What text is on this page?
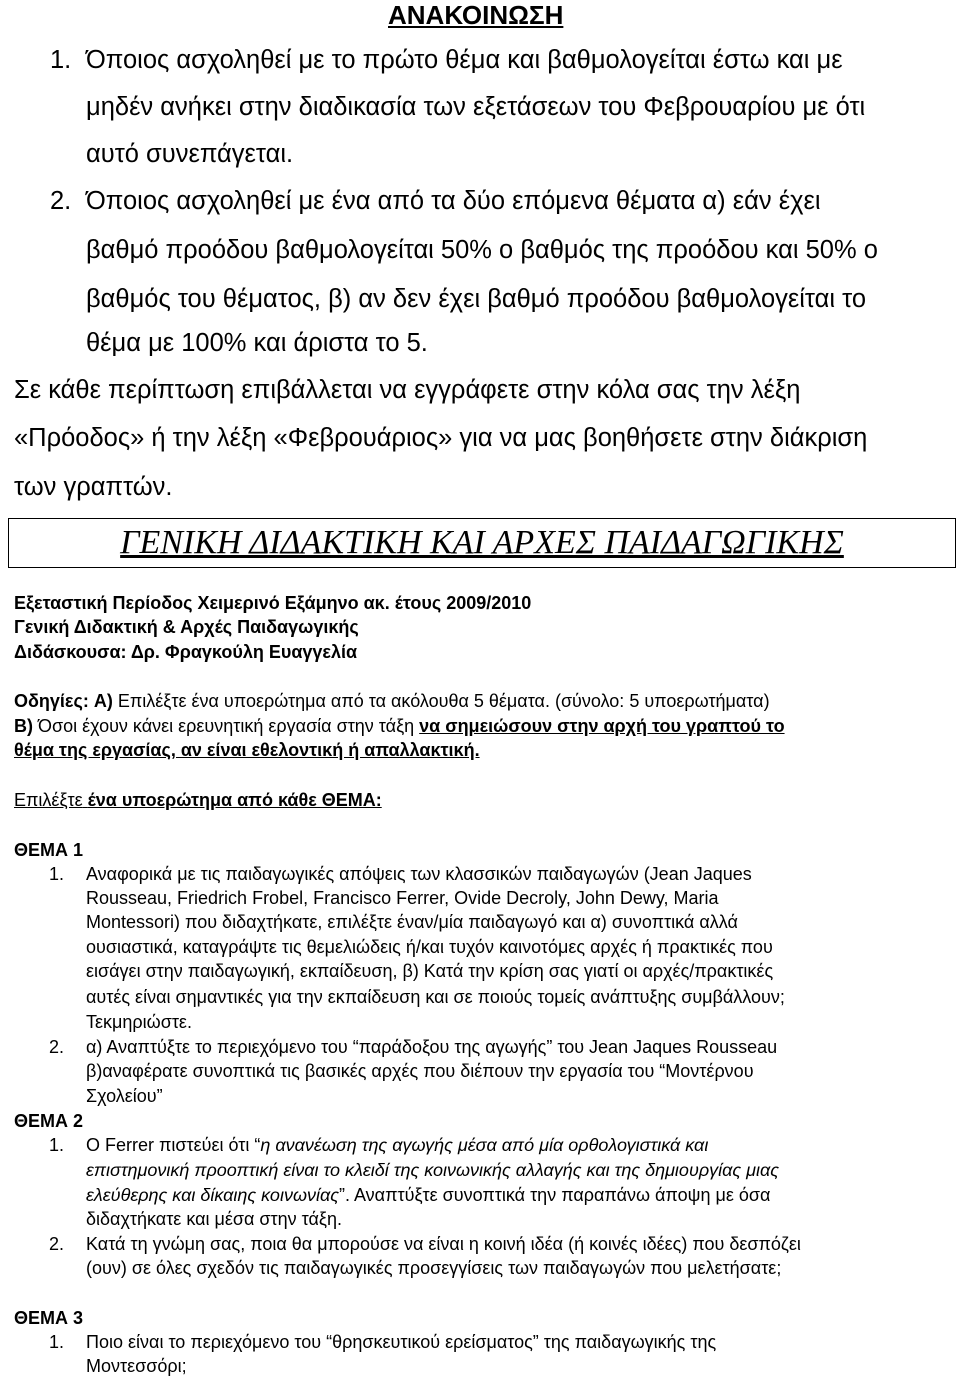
ΑΝΑΚΟΙΝΩΣΗ
1. Όποιος ασχοληθεί με το πρώτο θέμα και βαθμολογείται έστω και με
μηδέν ανήκει στην διαδικασία των εξετάσεων του Φεβρουαρίου με ότι
αυτό συνεπάγεται.
2. Όποιος ασχοληθεί με ένα από τα δύο επόμενα θέματα α) εάν έχει
βαθμό προόδου βαθμολογείται 50% ο βαθμός της προόδου και 50% ο
βαθμός του θέματος, β) αν δεν έχει βαθμό προόδου βαθμολογείται το
θέμα με 100% και άριστα το 5.
Σε κάθε περίπτωση επιβάλλεται να εγγράφετε στην κόλα σας την λέξη
«Πρόοδος» ή την λέξη «Φεβρουάριος» για να μας βοηθήσετε στην διάκριση
των γραπτών.
ΓΕΝΙΚΗ ΔΙΔΑΚΤΙΚΗ ΚΑΙ ΑΡΧΕΣ ΠΑΙΔΑΓΩΓΙΚΗΣ
Εξεταστική Περίοδος Χειμερινό Εξάμηνο ακ. έτους 2009/2010
Γενική Διδακτική & Αρχές Παιδαγωγικής
Διδάσκουσα: Δρ. Φραγκούλη Ευαγγελία
Οδηγίες: Α) Επιλέξτε ένα υποερώτημα από τα ακόλουθα 5 θέματα. (σύνολο: 5 υποερωτήματα)
Β) Όσοι έχουν κάνει ερευνητική εργασία στην τάξη να σημειώσουν στην αρχή του γραπτού το
θέμα της εργασίας, αν είναι εθελοντική ή απαλλακτική.
Επιλέξτε ένα υποερώτημα από κάθε ΘΕΜΑ:
ΘΕΜΑ 1
1. Αναφορικά με τις παιδαγωγικές απόψεις των κλασσικών παιδαγωγών (Jean Jaques
Rousseau, Friedrich Frobel, Francisco Ferrer, Ovide Decroly, John Dewy, Maria
Montessori) που διδαχτήκατε, επιλέξτε έναν/μία παιδαγωγό και α) συνοπτικά αλλά
ουσιαστικά, καταγράψτε τις θεμελιώδεις ή/και τυχόν καινοτόμες αρχές ή πρακτικές που
εισάγει στην παιδαγωγική, εκπαίδευση, β) Κατά την κρίση σας γιατί οι αρχές/πρακτικές
αυτές είναι σημαντικές για την εκπαίδευση και σε ποιούς τομείς ανάπτυξης συμβάλλουν;
Τεκμηριώστε.
2. α) Αναπτύξτε το περιεχόμενο του “παράδοξου της αγωγής” του Jean Jaques Rousseau
β)αναφέρατε συνοπτικά τις βασικές αρχές που διέπουν την εργασία του “Μοντέρνου
Σχολείου”
ΘΕΜΑ 2
1. Ο Ferrer πιστεύει ότι “η ανανέωση της αγωγής μέσα από μία ορθολογιστικά και
επιστημονική προοπτική είναι το κλειδί της κοινωνικής αλλαγής και της δημιουργίας μιας
ελεύθερης και δίκαιης κοινωνίας”. Αναπτύξτε συνοπτικά την παραπάνω άποψη με όσα
διδαχτήκατε και μέσα στην τάξη.
2. Κατά τη γνώμη σας, ποια θα μπορούσε να είναι η κοινή ιδέα (ή κοινές ιδέες) που δεσπόζει
(ουν) σε όλες σχεδόν τις παιδαγωγικές προσεγγίσεις των παιδαγωγών που μελετήσατε;
ΘΕΜΑ 3
1. Ποιο είναι το περιεχόμενο του “θρησκευτικού ερείσματος” της παιδαγωγικής της
Μοντεσσόρι;
